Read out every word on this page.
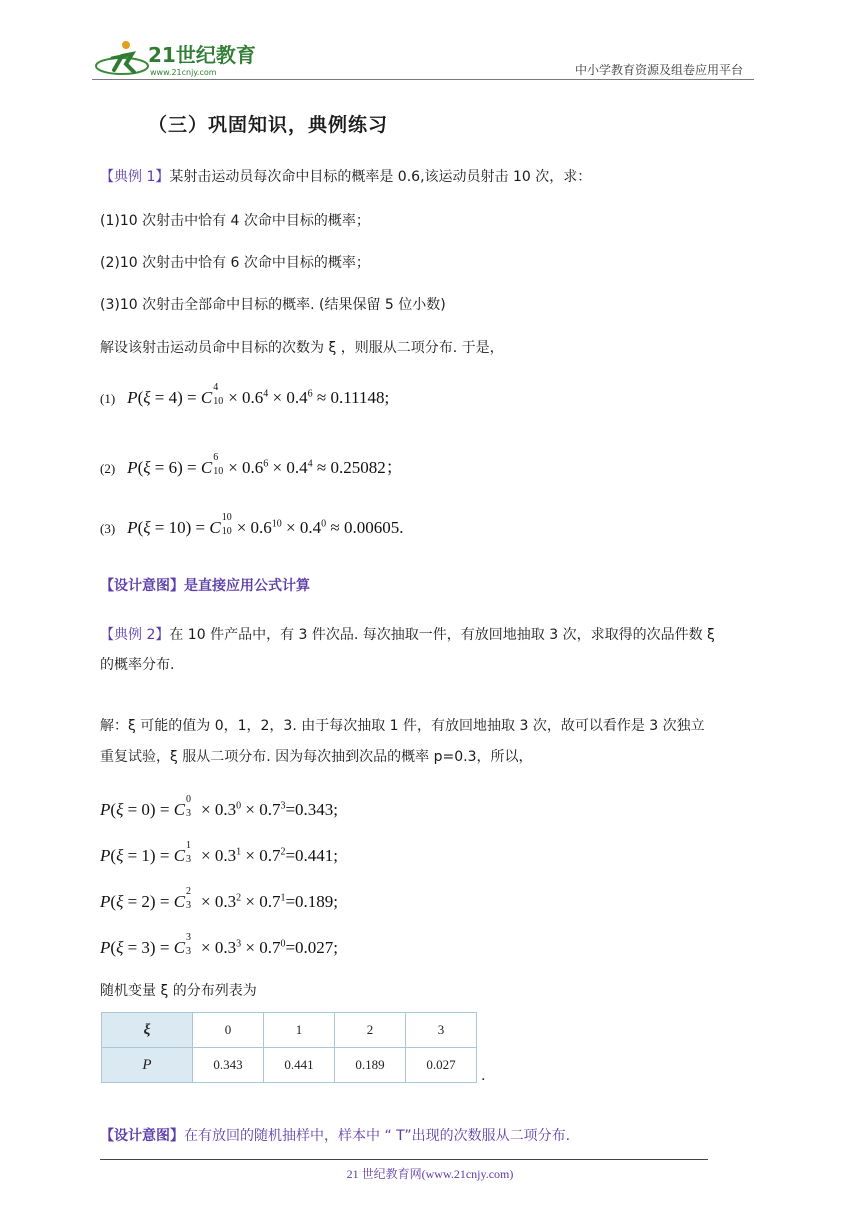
21世纪教育
www.21cnjy.com	中小学教育资源及组卷应用平台
（三）巩固知识，典例练习
【典例 1】某射击运动员每次命中目标的概率是 0.6,该运动员射击 10 次，求：
(1)10 次射击中恰有 4 次命中目标的概率；
(2)10 次射击中恰有 6 次命中目标的概率；
(3)10 次射击全部命中目标的概率. (结果保留 5 位小数)
解设该射击运动员命中目标的次数为 ξ ，则服从二项分布. 于是，
(1) P(ξ = 4) = C
4
$10 \times 0.6^4 \times 0.4^6 \approx 0.11148$;
(2) P(ξ = 6) = C
6
$10 \times 0.6^6 \times 0.4^4 \approx 0.25082$；
(3) P(ξ = 10) = C
10
$10 \times 0.6^{10} \times 0.4^0 \approx 0.00605$.
【设计意图】是直接应用公式计算
【典例 2】在 10 件产品中，有 3 件次品. 每次抽取一件，有放回地抽取 3 次，求取得的次品件数 ξ
的概率分布.
解：ξ 可能的值为 0，1，2，3. 由于每次抽取 1 件，有放回地抽取 3 次，故可以看作是 3 次独立
重复试验，ξ 服从二项分布. 因为每次抽到次品的概率 p=0.3，所以，
P(ξ = 0) = C
0
$3 \times 0.3^0 \times 0.7^3=0.343$;
P(ξ = 1) = C
1
$3 \times 0.3^1 \times 0.7^2=0.441$;
P(ξ = 2) = C
2
$3 \times 0.3^2 \times 0.7^1=0.189$;
P(ξ = 3) = C
3
$3 \times 0.3^3 \times 0.7^0=0.027$;
随机变量 ξ 的分布列表为
ξ	0	1	2	3
P	0.343	0.441	0.189	0.027
.
【设计意图】在有放回的随机抽样中，样本中 “ T”出现的次数服从二项分布.
21 世纪教育网(www.21cnjy.com)
